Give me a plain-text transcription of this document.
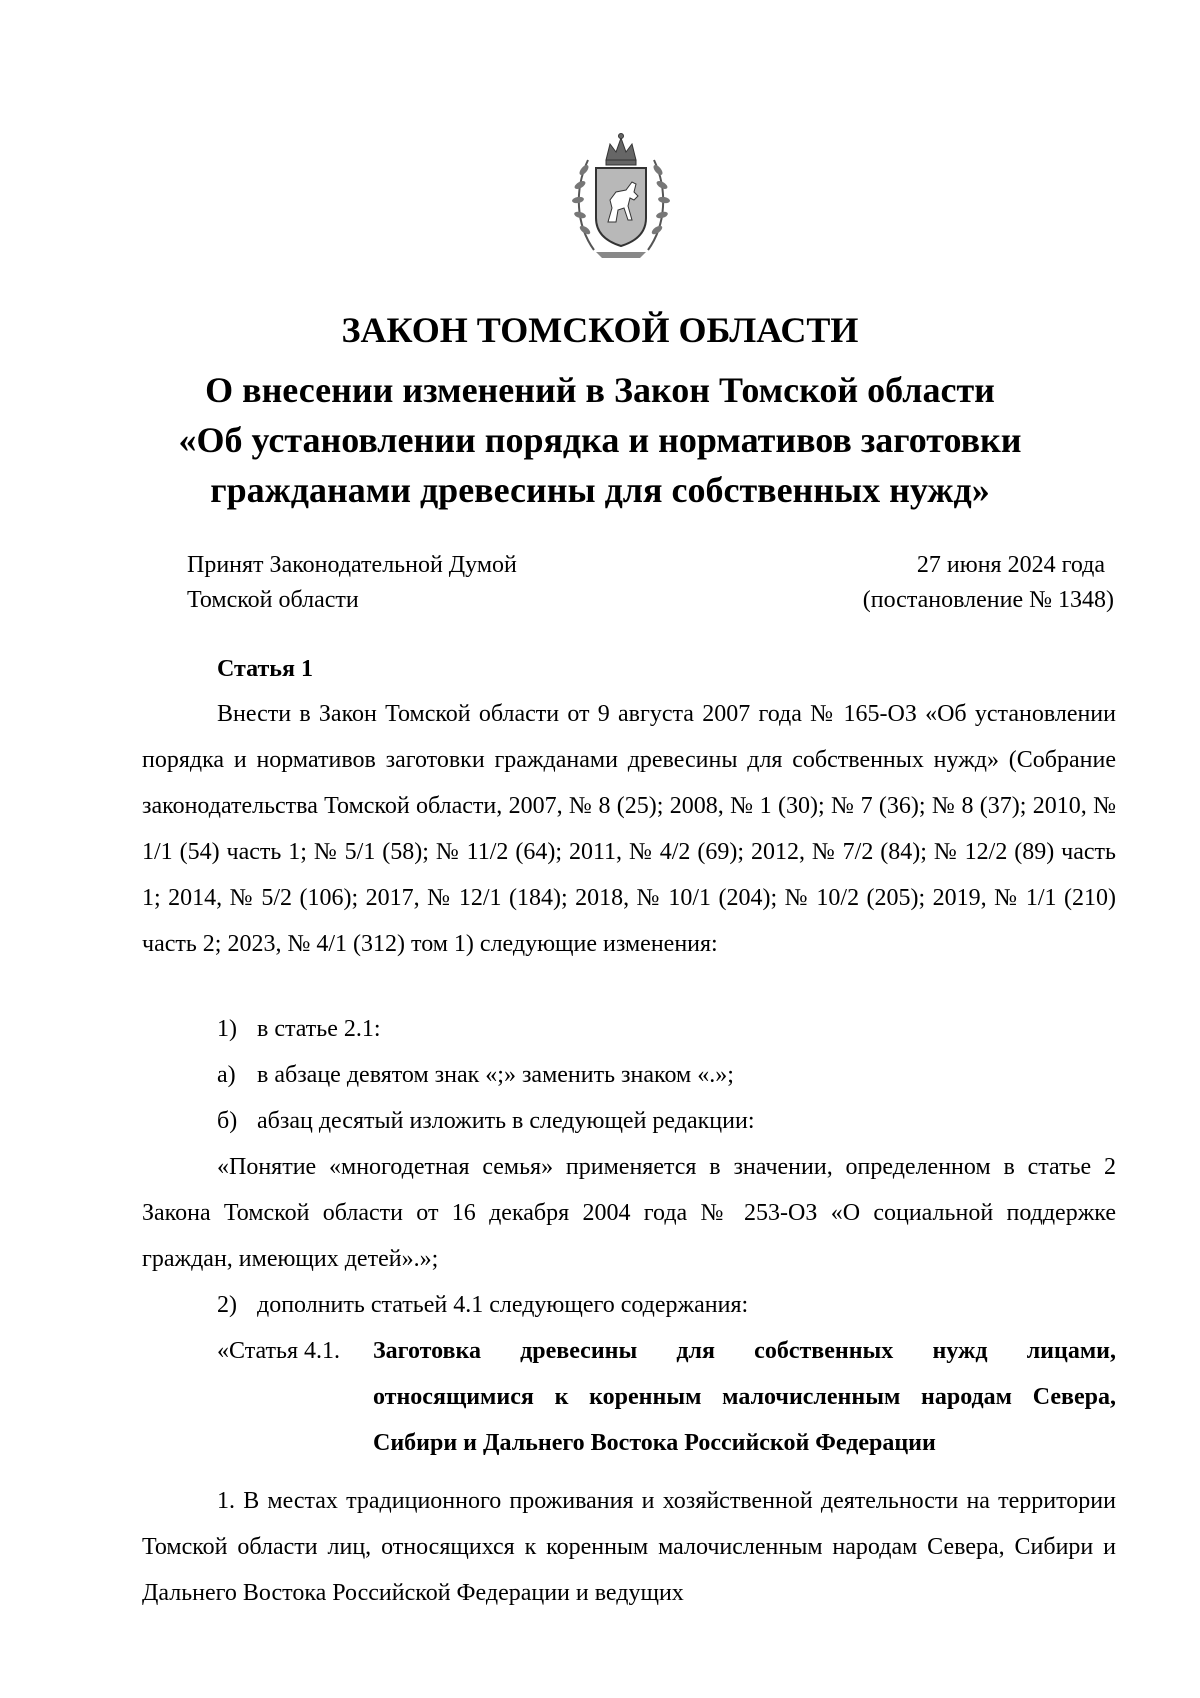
ЗАКОН ТОМСКОЙ ОБЛАСТИ
О внесении изменений в Закон Томской области
«Об установлении порядка и нормативов заготовки
гражданами древесины для собственных нужд»
Принят Законодательной Думой
Томской области
27 июня 2024 года
(постановление № 1348)
Статья 1
Внести в Закон Томской области от 9 августа 2007 года № 165-ОЗ «Об установлении порядка и нормативов заготовки гражданами древесины для собственных нужд» (Собрание законодательства Томской области, 2007, № 8 (25); 2008, № 1 (30); № 7 (36); № 8 (37); 2010, № 1/1 (54) часть 1; № 5/1 (58); № 11/2 (64); 2011, № 4/2 (69); 2012, № 7/2 (84); № 12/2 (89) часть 1; 2014, № 5/2 (106); 2017, № 12/1 (184); 2018, № 10/1 (204); № 10/2 (205); 2019, № 1/1 (210) часть 2; 2023, № 4/1 (312) том 1) следующие изменения:
1) в статье 2.1:
а) в абзаце девятом знак «;» заменить знаком «.»;
б) абзац десятый изложить в следующей редакции:
«Понятие «многодетная семья» применяется в значении, определенном в статье 2 Закона Томской области от 16 декабря 2004 года № 253-ОЗ «О социальной поддержке граждан, имеющих детей».»;
2) дополнить статьей 4.1 следующего содержания:
«Статья 4.1. Заготовка древесины для собственных нужд лицами,
относящимися к коренным малочисленным народам Севера,
Сибири и Дальнего Востока Российской Федерации
1. В местах традиционного проживания и хозяйственной деятельности на территории Томской области лиц, относящихся к коренным малочисленным народам Севера, Сибири и Дальнего Востока Российской Федерации и ведущих
